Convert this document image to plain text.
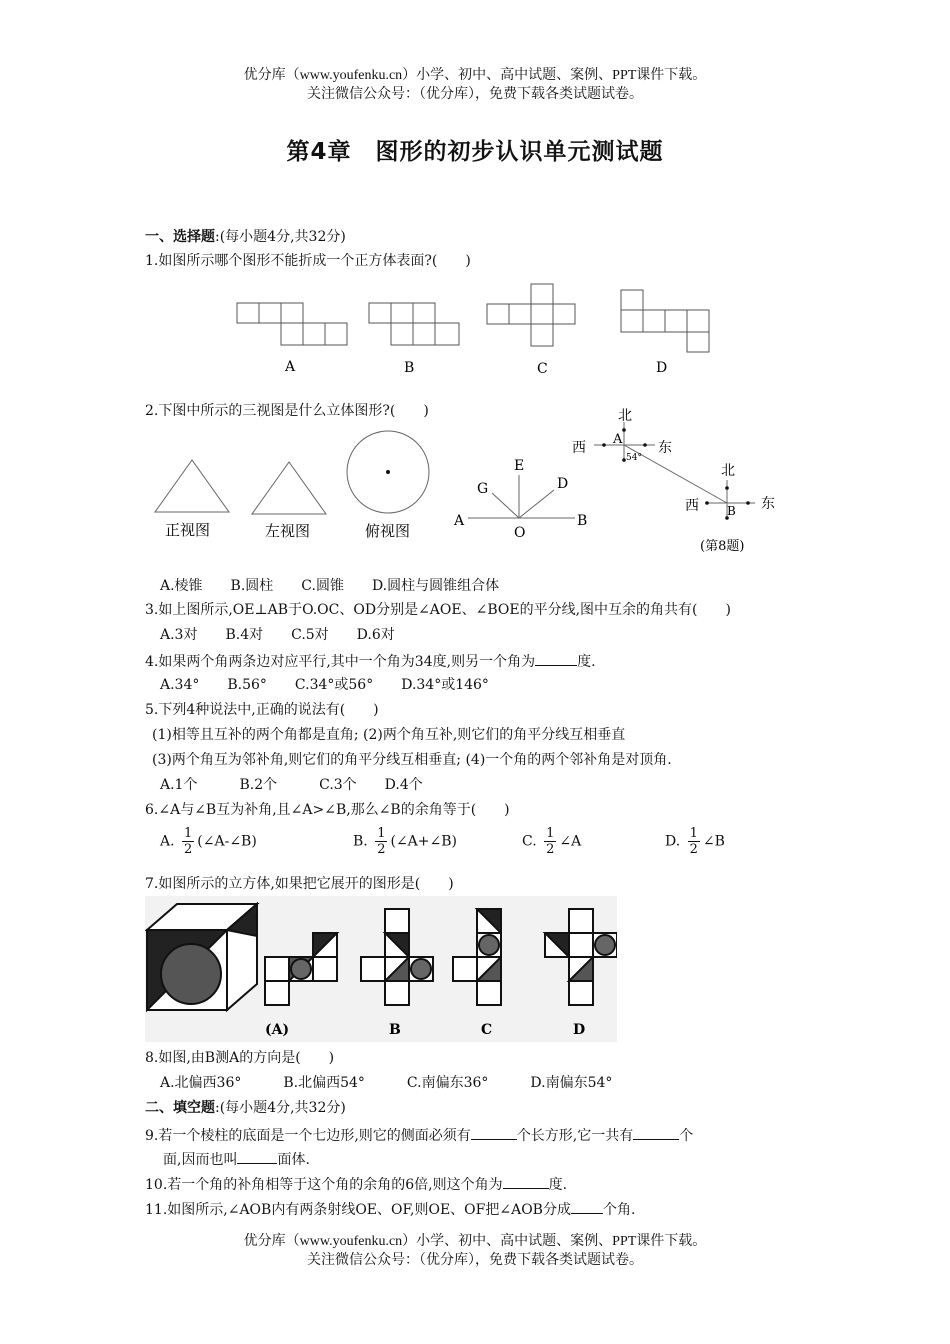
优分库（www.youfenku.cn）小学、初中、高中试题、案例、PPT课件下载。
关注微信公众号：（优分库），免费下载各类试题试卷。
第4章　图形的初步认识单元测试题
一、选择题:(每小题4分,共32分)
1.如图所示哪个图形不能折成一个正方体表面?(　　)
A	B	C	D
2.下图中所示的三视图是什么立体图形?(　　)
正视图	左视图	俯视图
A
G
E
D
B
O
北
西	东
A
54°
北
西	东
B
(第8题)
A.棱锥　　B.圆柱　　C.圆锥　　D.圆柱与圆锥组合体
3.如上图所示,OE⊥AB于O.OC、OD分别是∠AOE、∠BOE的平分线,图中互余的角共有(　　)
A.3对　　B.4对　　C.5对　　D.6对
4.如果两个角两条边对应平行,其中一个角为34度,则另一个角为	度.
A.34°　　B.56°　　C.34°或56°　　D.34°或146°
5.下列4种说法中,正确的说法有(　　)
(1)相等且互补的两个角都是直角; (2)两个角互补,则它们的角平分线互相垂直
(3)两个角互为邻补角,则它们的角平分线互相垂直; (4)一个角的两个邻补角是对顶角.
A.1个　　　B.2个　　　C.3个　　D.4个
6.∠A与∠B互为补角,且∠A>∠B,那么∠B的余角等于(　　)
A. $\frac{1}{2}$ (∠A-∠B)	B. $\frac{1}{2}$ (∠A+∠B)	C. $\frac{1}{2}$ ∠A	D. $\frac{1}{2}$ ∠B
7.如图所示的立方体,如果把它展开的图形是(　　)
(A)	B	C	D
8.如图,由B测A的方向是(　　)
A.北偏西36°　　　B.北偏西54°　　　C.南偏东36°　　　D.南偏东54°
二、填空题:(每小题4分,共32分)
9.若一个棱柱的底面是一个七边形,则它的侧面必须有	个长方形,它一共有	个
面,因而也叫	面体.
10.若一个角的补角相等于这个角的余角的6倍,则这个角为	度.
11.如图所示,∠AOB内有两条射线OE、OF,则OE、OF把∠AOB分成 个角.
优分库（www.youfenku.cn）小学、初中、高中试题、案例、PPT课件下载。
关注微信公众号：（优分库），免费下载各类试题试卷。
